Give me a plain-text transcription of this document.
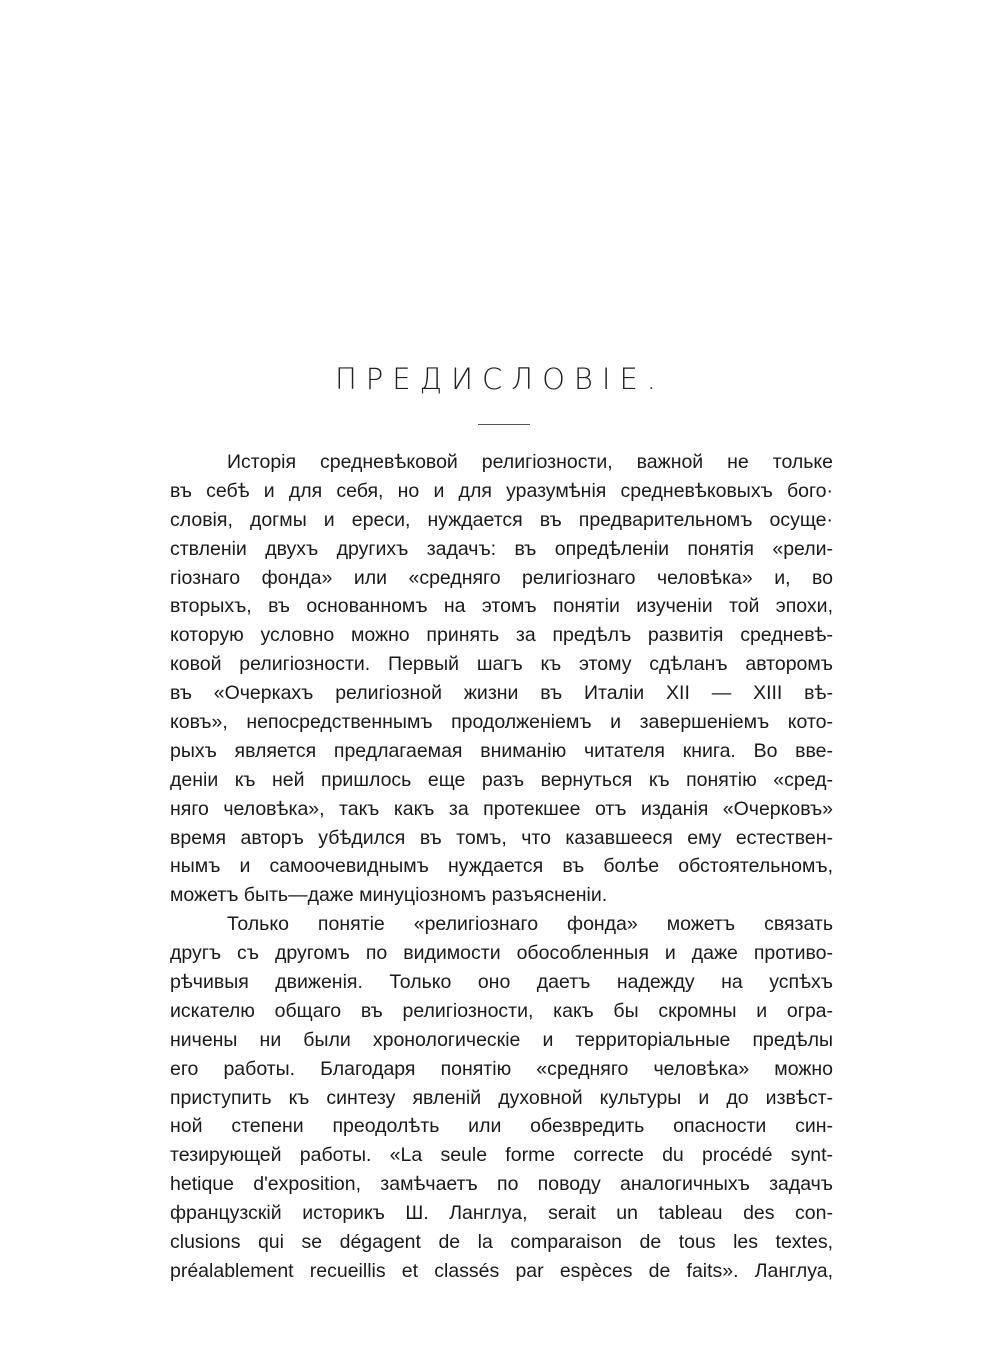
ПРЕДИСЛОВІЕ.
Исторія средневѣковой религіозности, важной не тольке
въ себѣ и для себя, но и для уразумѣнія средневѣковыхъ бого·
словія, догмы и ереси, нуждается въ предварительномъ осуще·
ствленіи двухъ другихъ задачъ: въ опредѣленіи понятія «рели-
гіознаго фонда» или «средняго религіознаго человѣка» и, во
вторыхъ, въ основанномъ на этомъ понятіи изученіи той эпохи,
которую условно можно принять за предѣлъ развитія средневѣ-
ковой религіозности. Первый шагъ къ этому сдѣланъ авторомъ
въ «Очеркахъ религіозной жизни въ Италіи XII — XIII вѣ-
ковъ», непосредственнымъ продолженіемъ и завершеніемъ кото-
рыхъ является предлагаемая вниманію читателя книга. Во вве-
деніи къ ней пришлось еще разъ вернуться къ понятію «сред-
няго человѣка», такъ какъ за протекшее отъ изданія «Очерковъ»
время авторъ убѣдился въ томъ, что казавшееся ему естествен-
нымъ и самоочевиднымъ нуждается въ болѣе обстоятельномъ,
можетъ быть—даже минуціозномъ разъясненіи.
Только понятіе «религіознаго фонда» можетъ связать
другъ съ другомъ по видимости обособленныя и даже противо-
рѣчивыя движенія. Только оно даетъ надежду на успѣхъ
искателю общаго въ религіозности, какъ бы скромны и огра-
ничены ни были хронологическіе и территоріальные предѣлы
его работы. Благодаря понятію «средняго человѣка» можно
приступить къ синтезу явленій духовной культуры и до извѣст-
ной степени преодолѣть или обезвредить опасности син-
тезирующей работы. «La seule forme correcte du procédé synt-
hetique d'exposition, замѣчаетъ по поводу аналогичныхъ задачъ
французскій историкъ Ш. Ланглуа, serait un tableau des con-
clusions qui se dégagent de la comparaison de tous les textes,
préalablement recueillis et classés par espèces de faits». Ланглуа,
